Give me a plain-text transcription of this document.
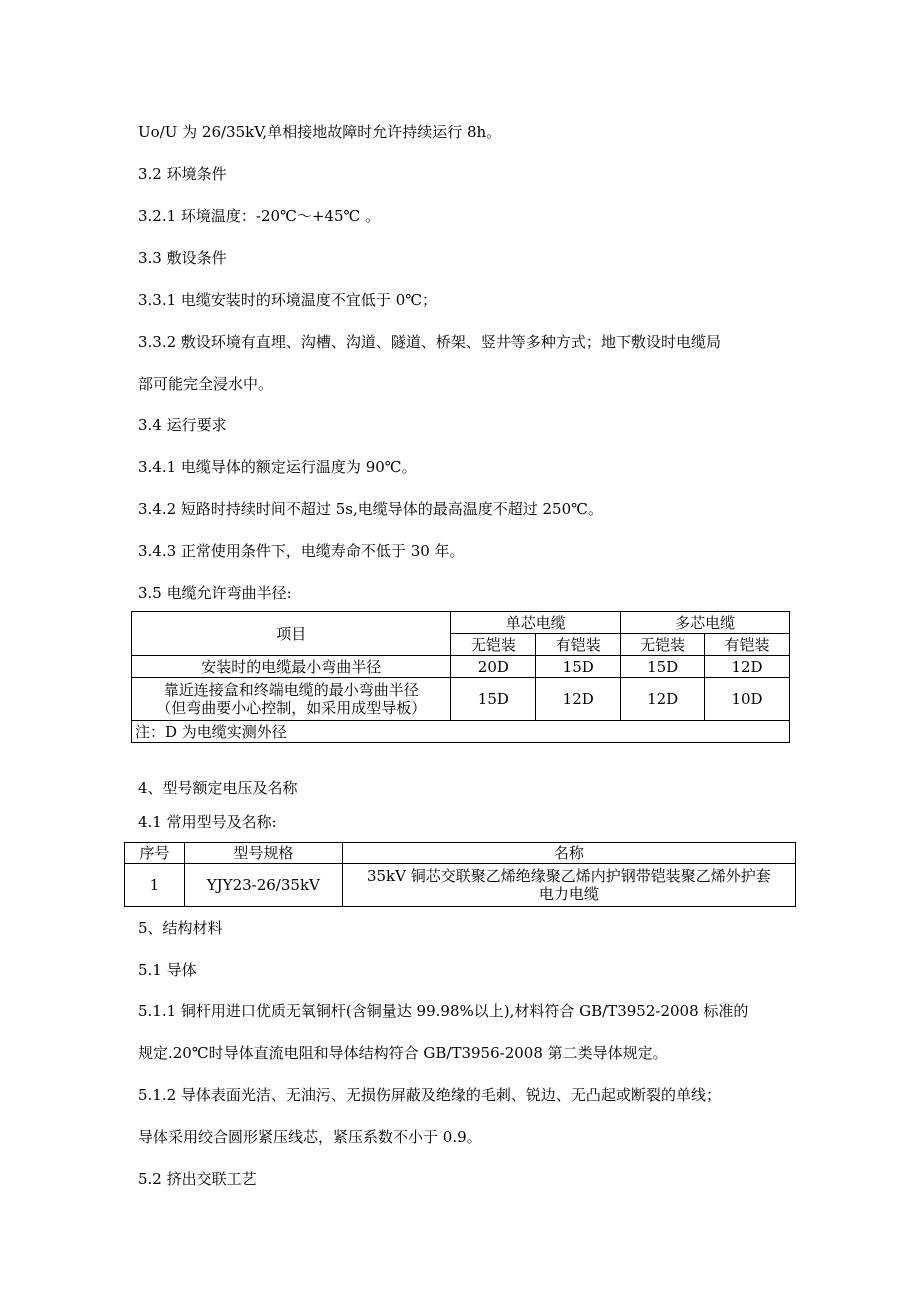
Uo/U 为 26/35kV,单相接地故障时允许持续运行 8h。
3.2 环境条件
3.2.1 环境温度：-20℃～+45℃ 。
3.3 敷设条件
3.3.1 电缆安装时的环境温度不宜低于 0℃；
3.3.2 敷设环境有直埋、沟槽、沟道、隧道、桥架、竖井等多种方式；地下敷设时电缆局
部可能完全浸水中。
3.4 运行要求
3.4.1 电缆导体的额定运行温度为 90℃。
3.4.2 短路时持续时间不超过 5s,电缆导体的最高温度不超过 250℃。
3.4.3 正常使用条件下，电缆寿命不低于 30 年。
3.5 电缆允许弯曲半径:
项目	单芯电缆		多芯电缆	
	无铠装	有铠装	无铠装	有铠装
安装时的电缆最小弯曲半径	20D	15D	15D	12D

靠近连接盒和终端电缆的最小弯曲半径
（但弯曲要小心控制，如采用成型导板）	15D	12D	12D	10D
注：D 为电缆实测外径				
4、型号额定电压及名称
4.1 常用型号及名称:
序号	型号规格	名称
1	YJY23-26/35kV	35kV 铜芯交联聚乙烯绝缘聚乙烯内护钢带铠装聚乙烯外护套
电力电缆
5、结构材料
5.1 导体
5.1.1 铜杆用进口优质无氧铜杆(含铜量达 99.98%以上),材料符合 GB/T3952-2008 标准的
规定.20℃时导体直流电阻和导体结构符合 GB/T3956-2008 第二类导体规定。
5.1.2 导体表面光洁、无油污、无损伤屏蔽及绝缘的毛刺、锐边、无凸起或断裂的单线；
导体采用绞合圆形紧压线芯，紧压系数不小于 0.9。
5.2 挤出交联工艺
